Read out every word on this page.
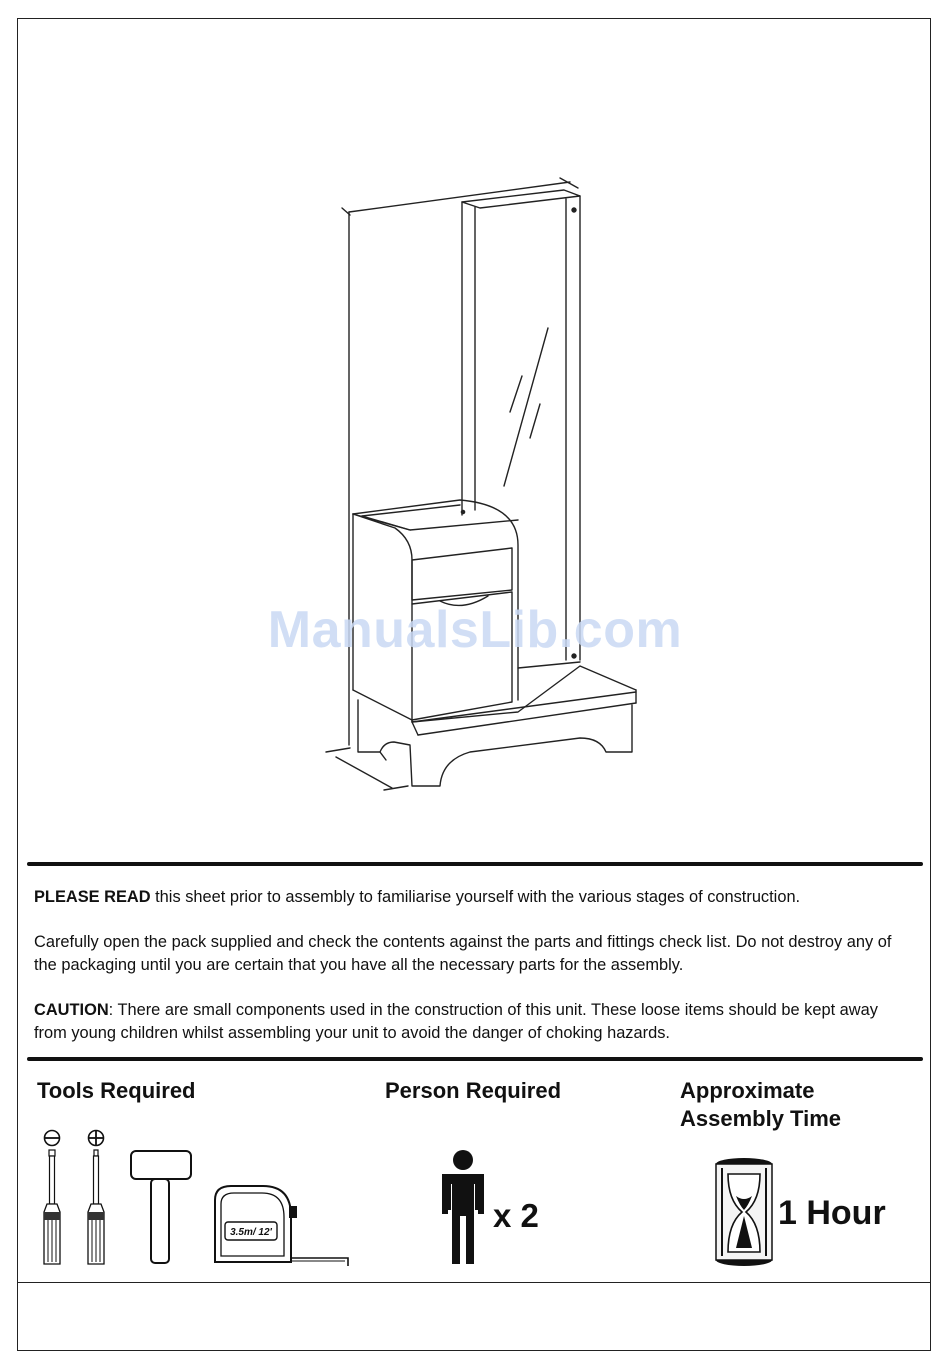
ManualsLib.com

PLEASE READ this sheet prior to assembly to familiarise yourself with the various stages of construction.

Carefully open the pack supplied and check the contents against the parts and fittings check list. Do not destroy any of the packaging until you are certain that you have all the necessary parts for the assembly.

CAUTION: There are small components used in the construction of this unit. These loose items should be kept away from young children whilst assembling your unit to avoid the danger of choking hazards.

Tools Required
3.5m/ 12'
Person Required
x 2
Approximate
Assembly Time
1 Hour
